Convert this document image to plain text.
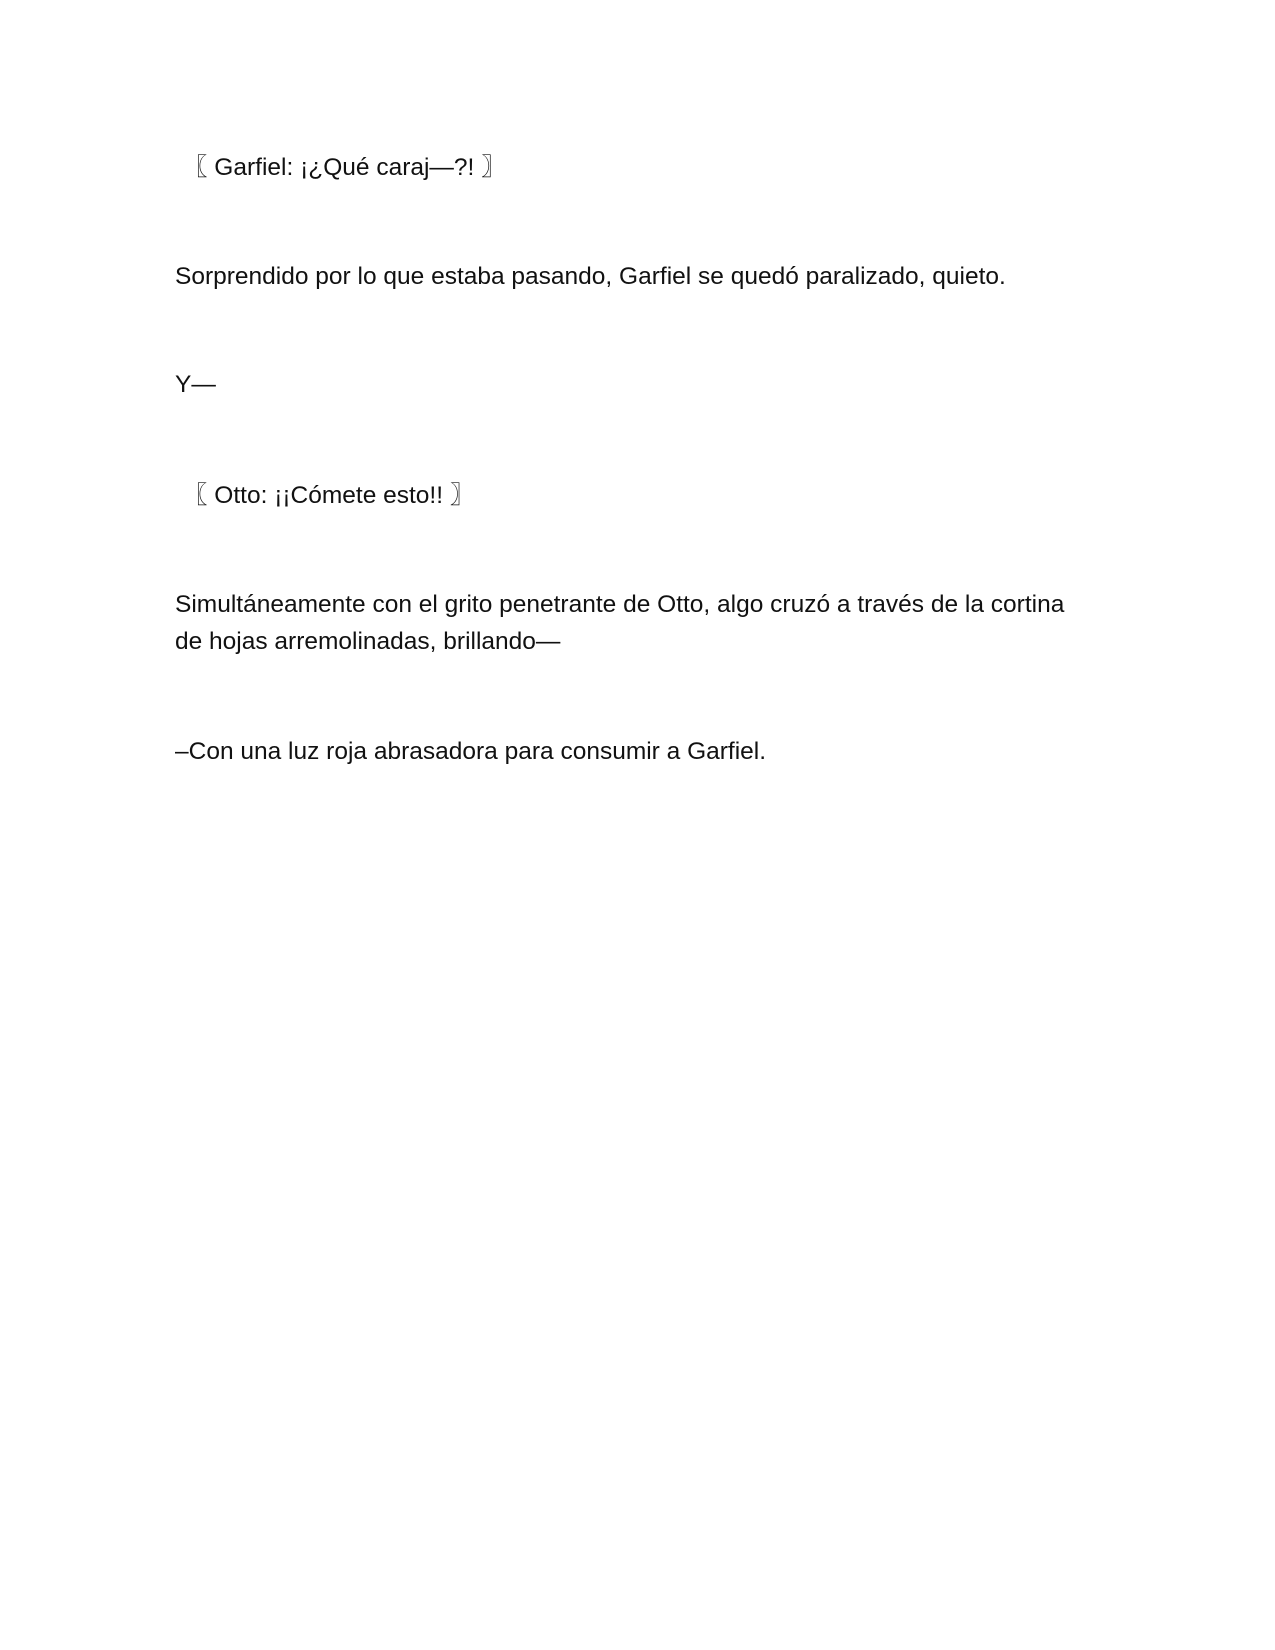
〖 Garfiel: ¡¿Qué caraj—?! 〗

Sorprendido por lo que estaba pasando, Garfiel se quedó paralizado, quieto.

Y—

〖 Otto: ¡¡Cómete esto!! 〗

Simultáneamente con el grito penetrante de Otto, algo cruzó a través de la cortina de hojas arremolinadas, brillando—

–Con una luz roja abrasadora para consumir a Garfiel.
